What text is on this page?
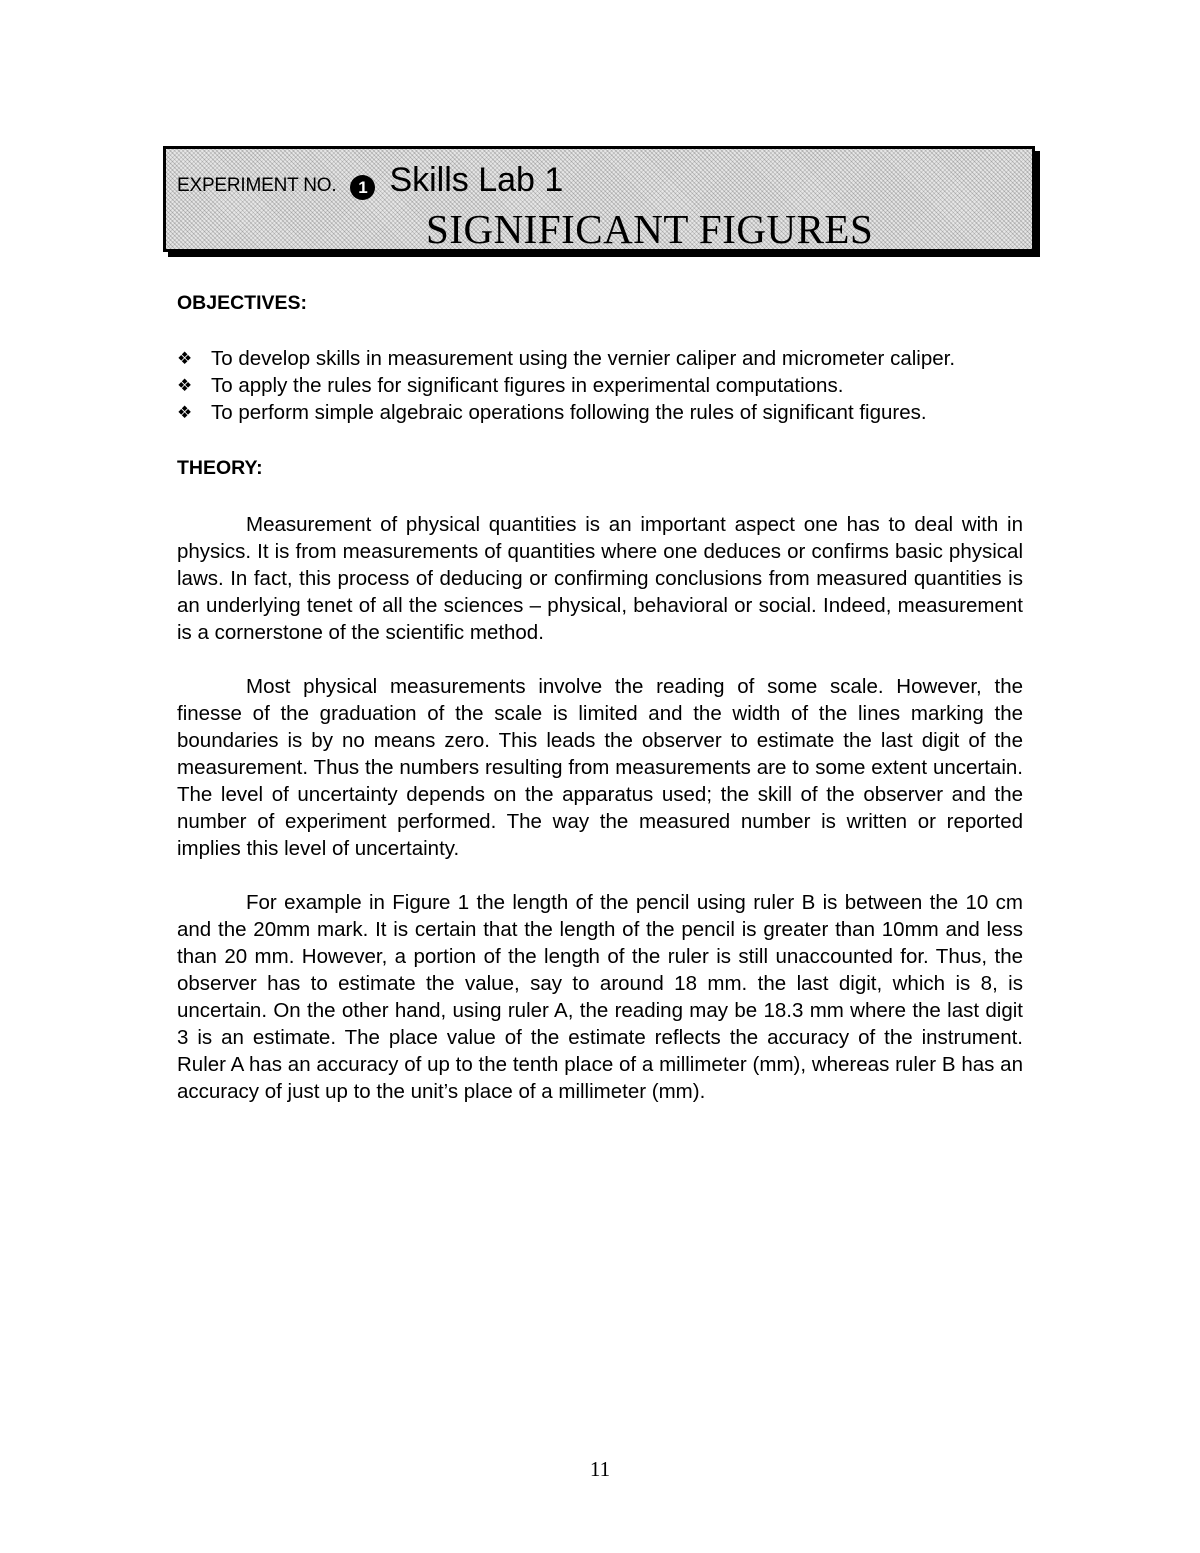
EXPERIMENT NO.	1 Skills Lab 1
SIGNIFICANT FIGURES
OBJECTIVES:
❖ To develop skills in measurement using the vernier caliper and micrometer caliper.
❖ To apply the rules for significant figures in experimental computations.
❖ To perform simple algebraic operations following the rules of significant figures.
THEORY:

Measurement of physical quantities is an important aspect one has to deal with in physics. It is from measurements of quantities where one deduces or confirms basic physical laws. In fact, this process of deducing or confirming conclusions from measured quantities is an underlying tenet of all the sciences – physical, behavioral or social. Indeed, measurement is a cornerstone of the scientific method.

Most physical measurements involve the reading of some scale. However, the finesse of the graduation of the scale is limited and the width of the lines marking the boundaries is by no means zero. This leads the observer to estimate the last digit of the measurement. Thus the numbers resulting from measurements are to some extent uncertain. The level of uncertainty depends on the apparatus used; the skill of the observer and the number of experiment performed. The way the measured number is written or reported implies this level of uncertainty.

For example in Figure 1 the length of the pencil using ruler B is between the 10 cm and the 20mm mark. It is certain that the length of the pencil is greater than 10mm and less than 20 mm. However, a portion of the length of the ruler is still unaccounted for. Thus, the observer has to estimate the value, say to around 18 mm. the last digit, which is 8, is uncertain. On the other hand, using ruler A, the reading may be 18.3 mm where the last digit 3 is an estimate. The place value of the estimate reflects the accuracy of the instrument. Ruler A has an accuracy of up to the tenth place of a millimeter (mm), whereas ruler B has an accuracy of just up to the unit’s place of a millimeter (mm).

11
